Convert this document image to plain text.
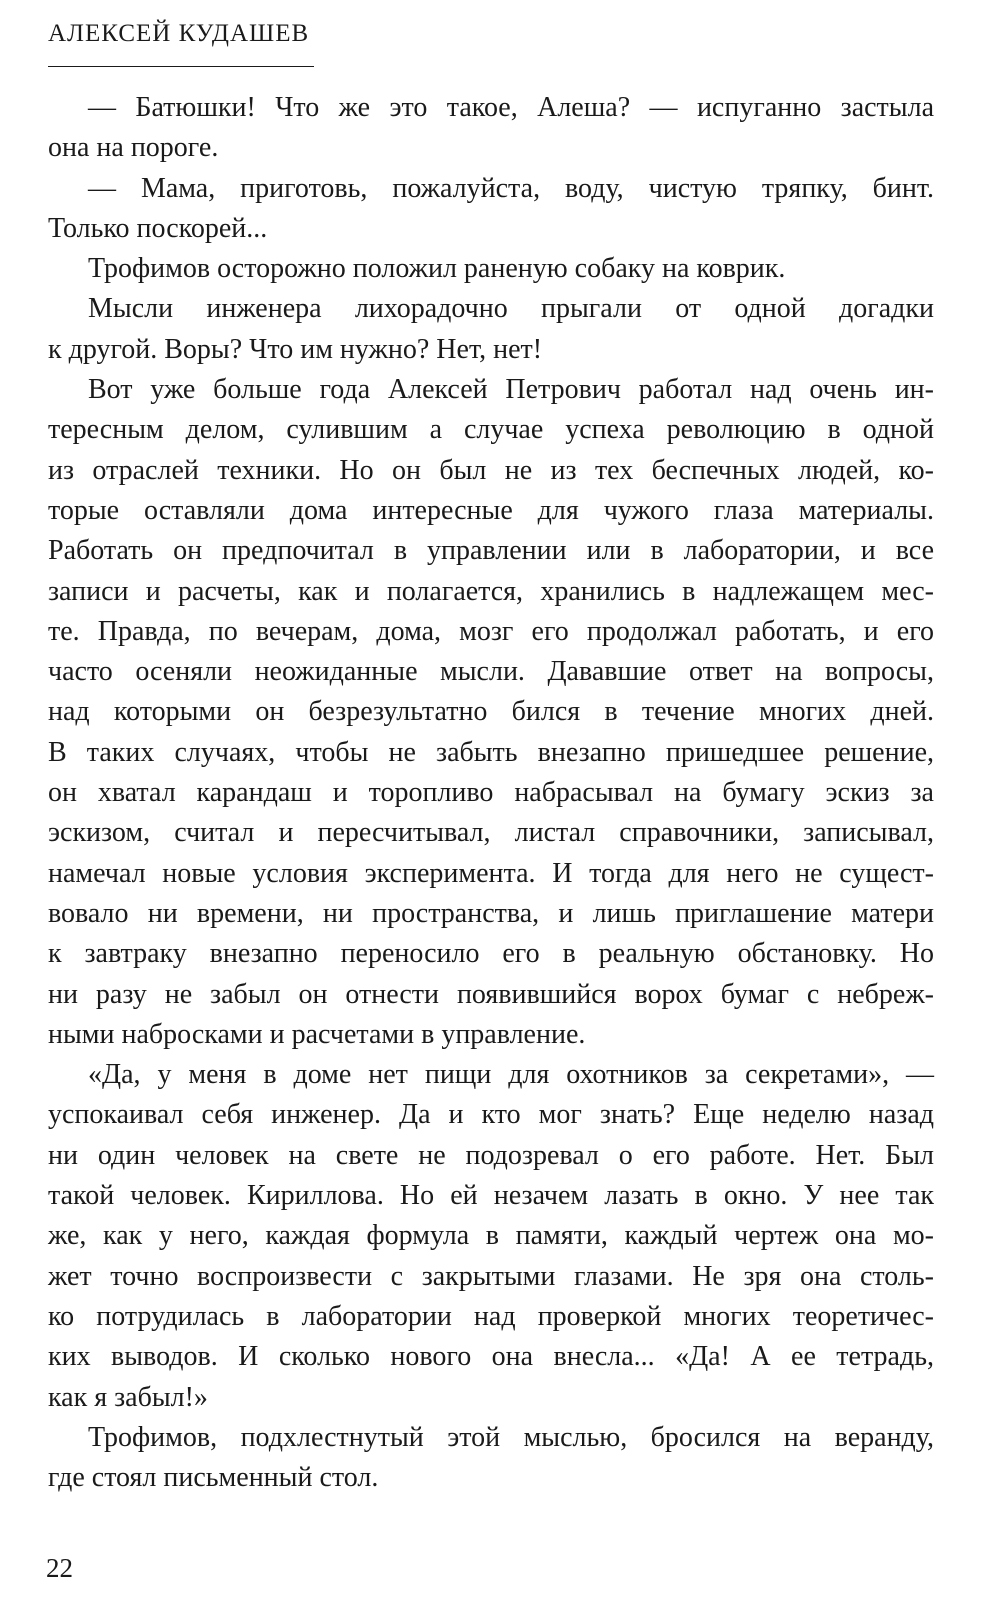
АЛЕКСЕЙ КУДАШЕВ
— Батюшки! Что же это такое, Алеша? — испуганно застыла
она на пороге.
— Мама, приготовь, пожалуйста, воду, чистую тряпку, бинт.
Только поскорей...
Трофимов осторожно положил раненую собаку на коврик.
Мысли инженера лихорадочно прыгали от одной догадки
к другой. Воры? Что им нужно? Нет, нет!
Вот уже больше года Алексей Петрович работал над очень ин-
тересным делом, сулившим а случае успеха революцию в одной
из отраслей техники. Но он был не из тех беспечных людей, ко-
торые оставляли дома интересные для чужого глаза материалы.
Работать он предпочитал в управлении или в лаборатории, и все
записи и расчеты, как и полагается, хранились в надлежащем мес-
те. Правда, по вечерам, дома, мозг его продолжал работать, и его
часто осеняли неожиданные мысли. Дававшие ответ на вопросы,
над которыми он безрезультатно бился в течение многих дней.
В таких случаях, чтобы не забыть внезапно пришедшее решение,
он хватал карандаш и торопливо набрасывал на бумагу эскиз за
эскизом, считал и пересчитывал, листал справочники, записывал,
намечал новые условия эксперимента. И тогда для него не сущест-
вовало ни времени, ни пространства, и лишь приглашение матери
к завтраку внезапно переносило его в реальную обстановку. Но
ни разу не забыл он отнести появившийся ворох бумаг с небреж-
ными набросками и расчетами в управление.
«Да, у меня в доме нет пищи для охотников за секретами», —
успокаивал себя инженер. Да и кто мог знать? Еще неделю назад
ни один человек на свете не подозревал о его работе. Нет. Был
такой человек. Кириллова. Но ей незачем лазать в окно. У нее так
же, как у него, каждая формула в памяти, каждый чертеж она мо-
жет точно воспроизвести с закрытыми глазами. Не зря она столь-
ко потрудилась в лаборатории над проверкой многих теоретичес-
ких выводов. И сколько нового она внесла... «Да! А ее тетрадь,
как я забыл!»
Трофимов, подхлестнутый этой мыслью, бросился на веранду,
где стоял письменный стол.
22
